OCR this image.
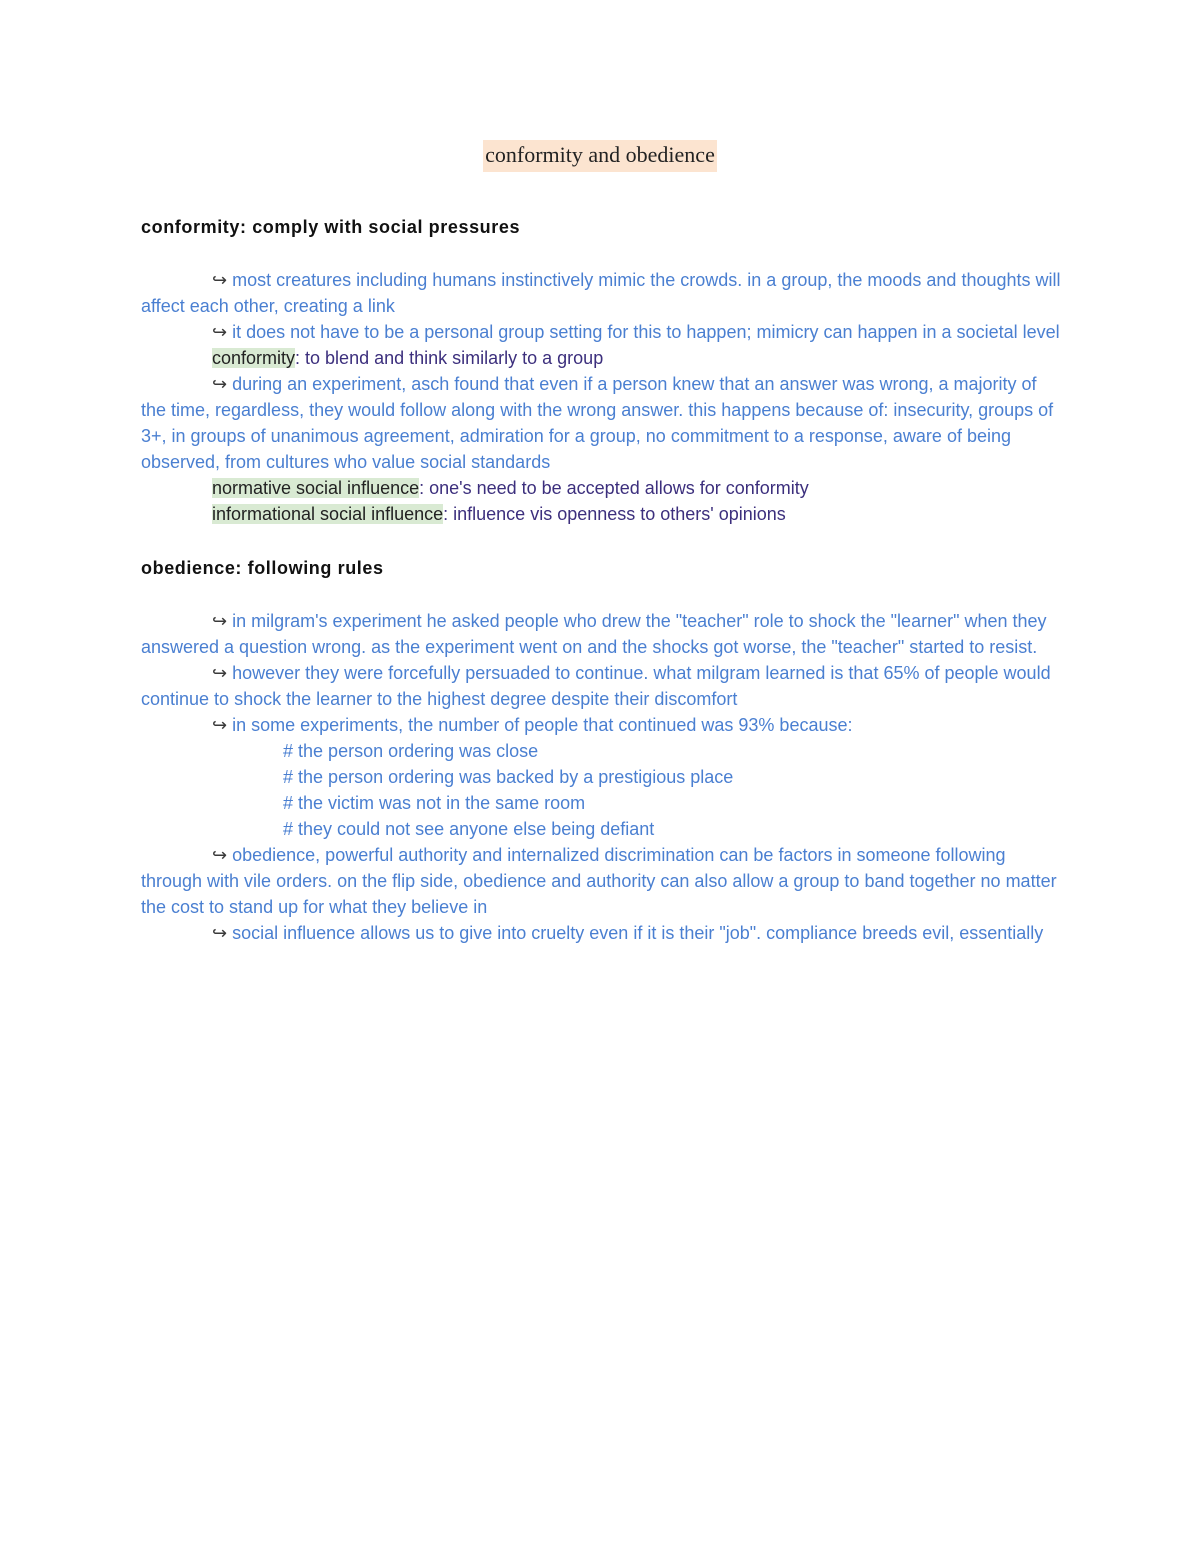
conformity and obedience

conformity: comply with social pressures

↪ most creatures including humans instinctively mimic the crowds. in a group, the moods and thoughts will affect each other, creating a link

↪ it does not have to be a personal group setting for this to happen; mimicry can happen in a societal level

conformity: to blend and think similarly to a group

↪ during an experiment, asch found that even if a person knew that an answer was wrong, a majority of the time, regardless, they would follow along with the wrong answer. this happens because of: insecurity, groups of 3+, in groups of unanimous agreement, admiration for a group, no commitment to a response, aware of being observed, from cultures who value social standards

normative social influence: one's need to be accepted allows for conformity

informational social influence: influence vis openness to others' opinions

obedience: following rules

↪ in milgram's experiment he asked people who drew the "teacher" role to shock the "learner" when they answered a question wrong. as the experiment went on and the shocks got worse, the "teacher" started to resist.

↪ however they were forcefully persuaded to continue. what milgram learned is that 65% of people would continue to shock the learner to the highest degree despite their discomfort

↪ in some experiments, the number of people that continued was 93% because:

# the person ordering was close

# the person ordering was backed by a prestigious place

# the victim was not in the same room

# they could not see anyone else being defiant

↪ obedience, powerful authority and internalized discrimination can be factors in someone following through with vile orders. on the flip side, obedience and authority can also allow a group to band together no matter the cost to stand up for what they believe in

↪ social influence allows us to give into cruelty even if it is their "job". compliance breeds evil, essentially
